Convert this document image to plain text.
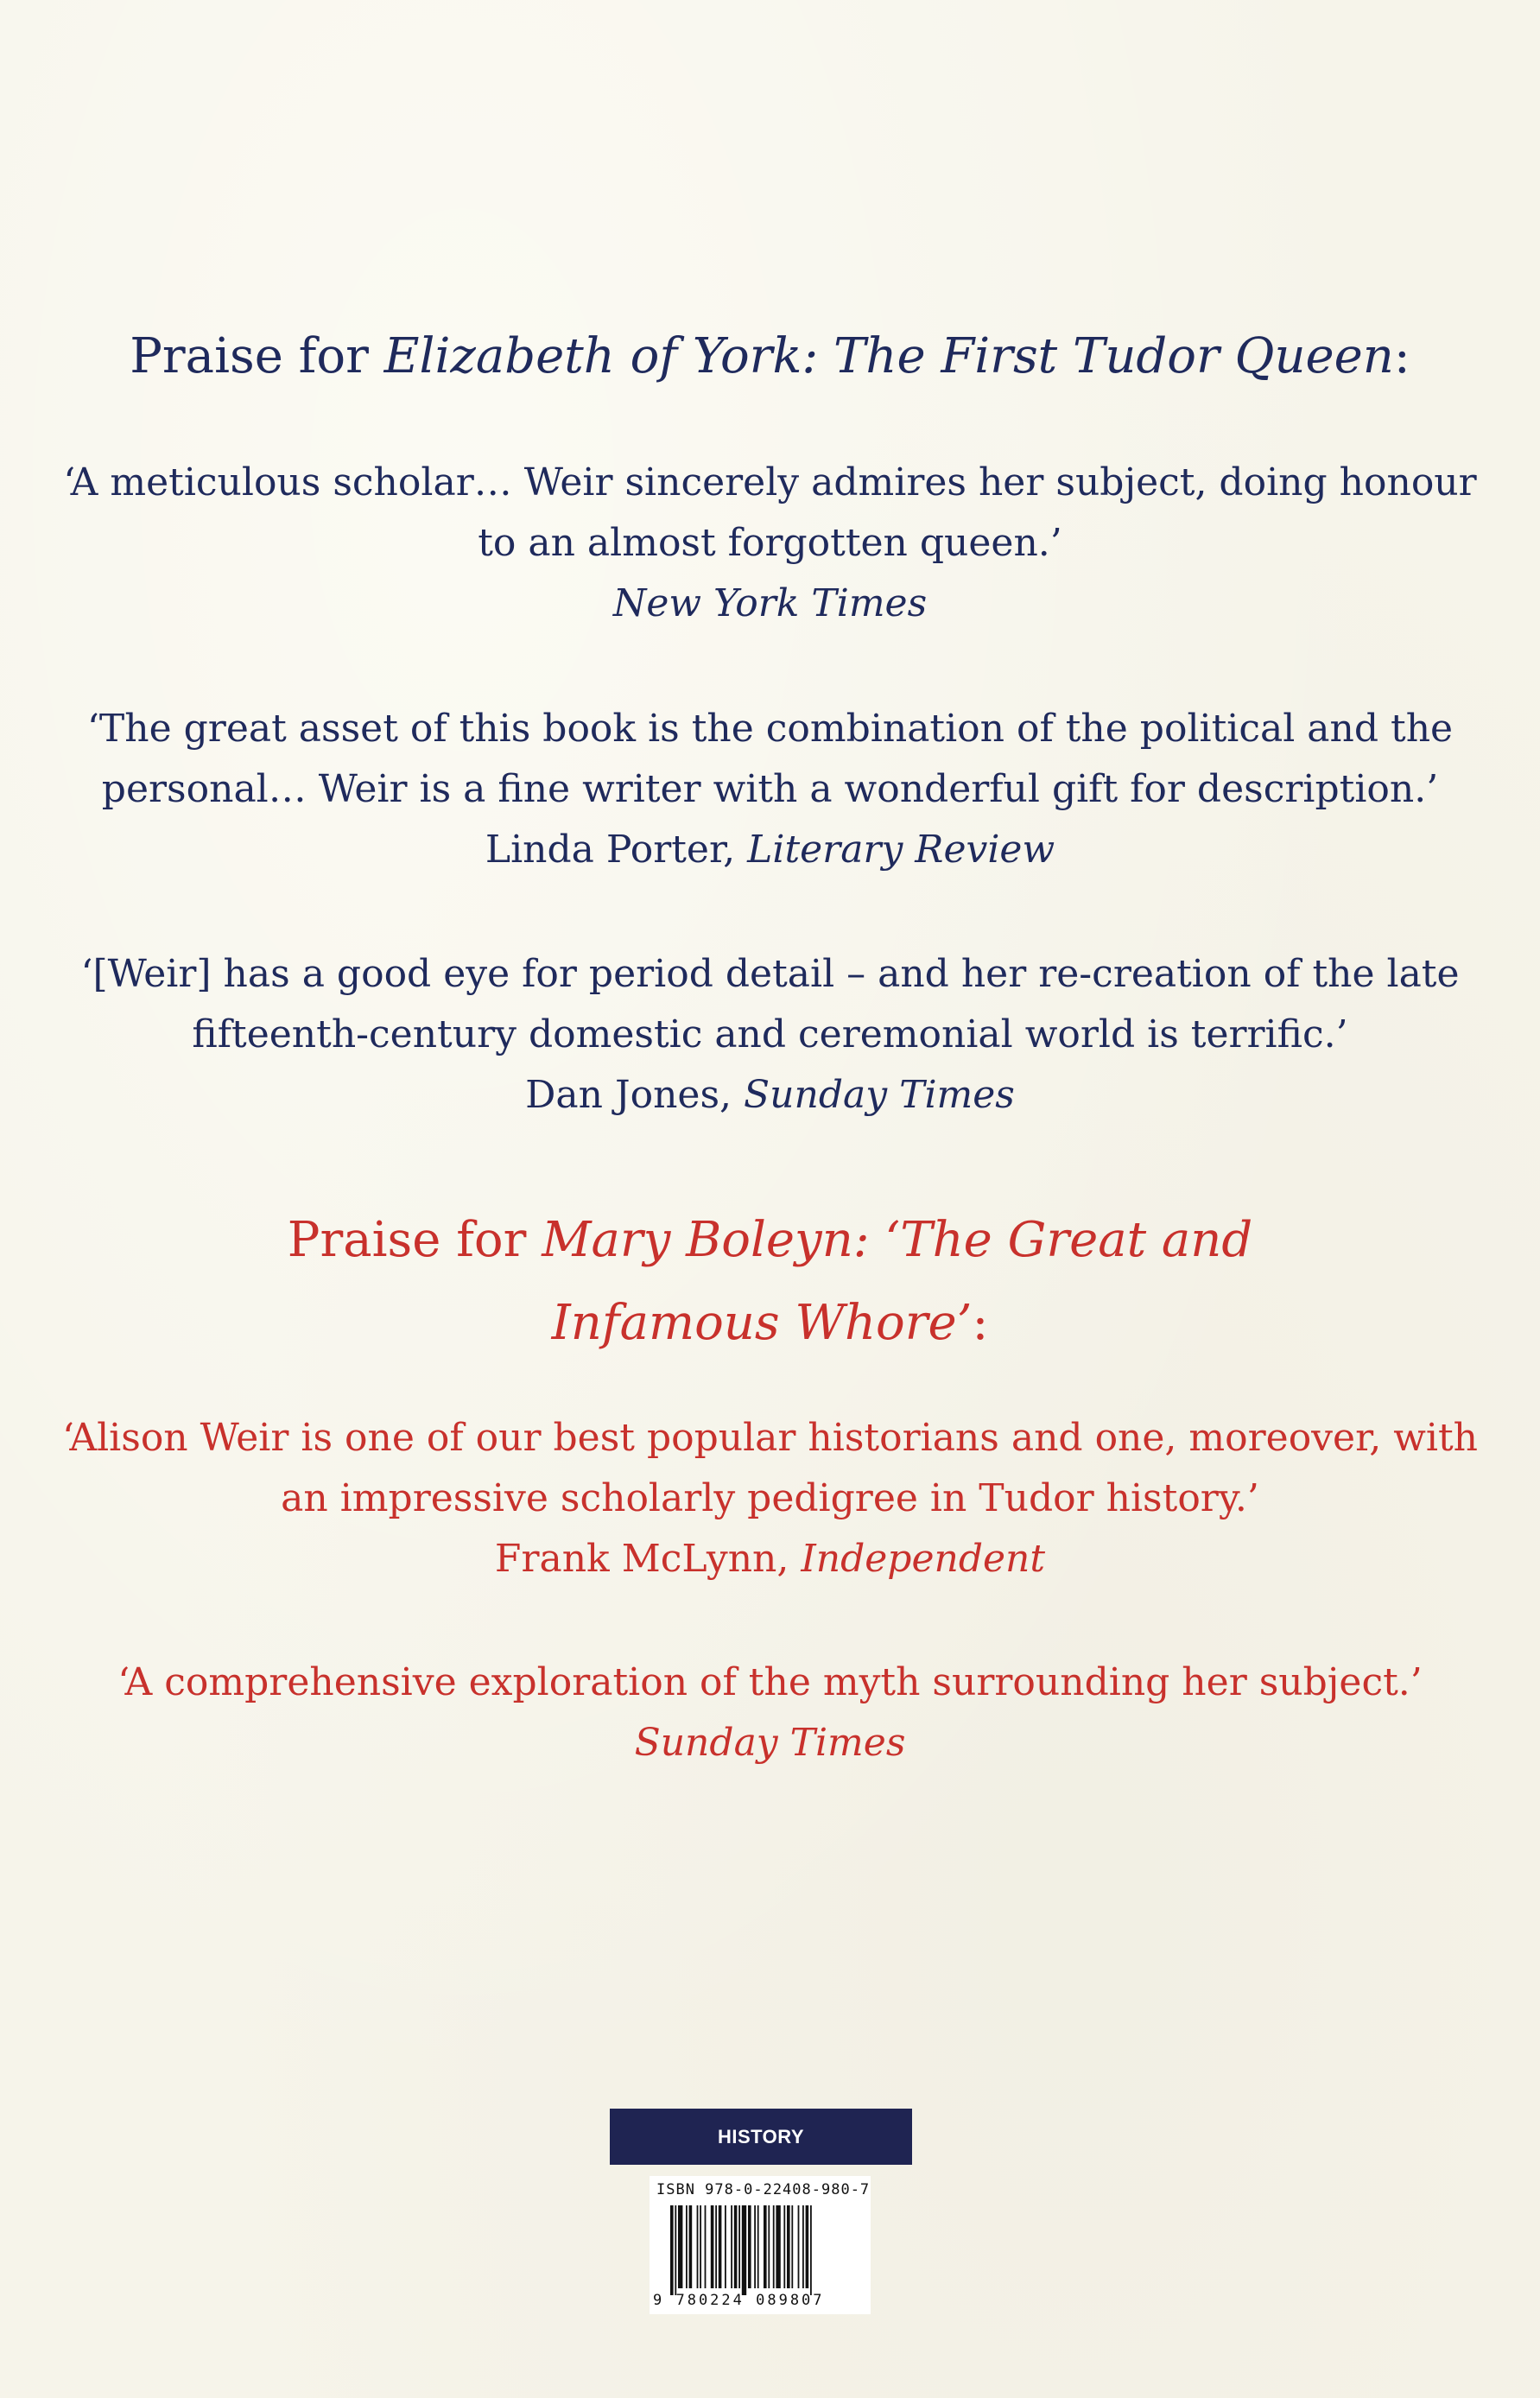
Praise for Elizabeth of York: The First Tudor Queen:

‘A meticulous scholar… Weir sincerely admires her subject, doing honour

to an almost forgotten queen.’

New York Times

‘The great asset of this book is the combination of the political and the

personal… Weir is a fine writer with a wonderful gift for description.’

Linda Porter, Literary Review

‘[Weir] has a good eye for period detail – and her re-creation of the late

fifteenth-century domestic and ceremonial world is terrific.’

Dan Jones, Sunday Times

Praise for Mary Boleyn: ‘The Great and
Infamous Whore’:

‘Alison Weir is one of our best popular historians and one, moreover, with

an impressive scholarly pedigree in Tudor history.’

Frank McLynn, Independent

‘A comprehensive exploration of the myth surrounding her subject.’

Sunday Times

HISTORY
ISBN 978-0-22408-980-7
9 780224 089807
